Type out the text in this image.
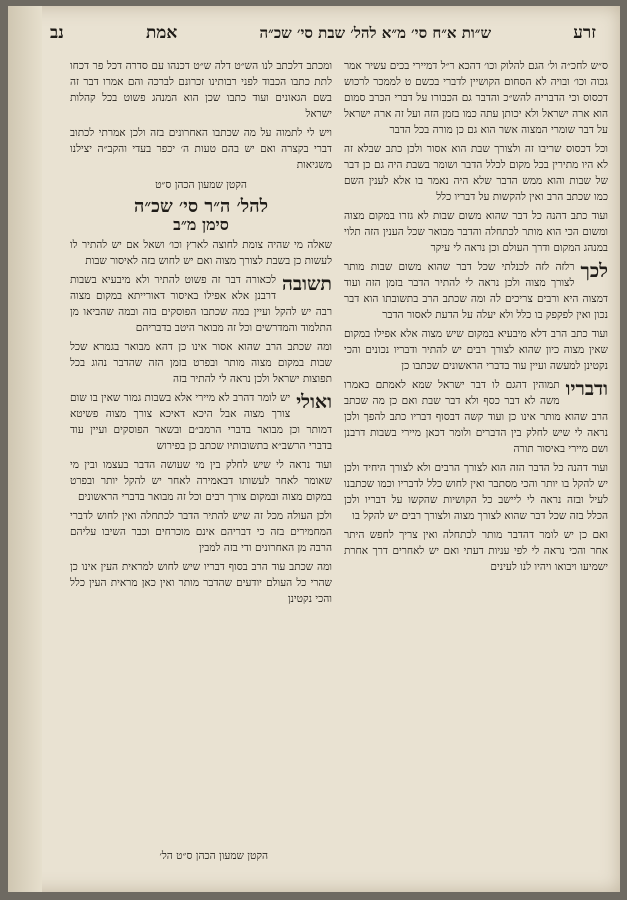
זרע
ש״ות א״ח סי׳ מ״א להל׳ שבת סי׳ שכ״ה
אמת
נב

ס״ש לחכ״ה ול׳ הגם להלוק וכו׳ דהכא ר״ל דמיירי בכים עשיר אמר גכוה וכו׳ ובויה לא הסחום הקושיין לדברי בכשם ט לממכר לרכוש דכסוס וכי הדבריה להש״כ והדבר גם הכבורו על דברי הכרב סמום הוא ארה ישראל ולא יכותן עתה כמו בזמן הזה ועל זה ארה ישראל על דבר שומרי המצוה אשר הוא גם כן מורה בכל הדבר

וכל דכסוס שריבו זה ולצורך שבת הוא אסור ולכן כתב שבלא זה לא היו מתירין בכל מקום לכלל הדבר ושומר בשבת היה גם כן דבר של שבות והוא ממש הדבר שלא היה נאמר בו אלא לענין השם כמו שכתב הרב ואין להקשות על דבריו כלל

ועוד כתב דהנה כל דבר שהוא משום שבות לא גזרו במקום מצוה ומשום הכי הוא מותר לכתחלה והדבר מבואר שכל הענין הזה תלוי במנהג המקום ודרך העולם וכן נראה לי עיקר

לכך
רלזה לזה לכנלתי שכל דבר שהוא משום שבות מותר לצורך מצוה ולכן נראה לי להתיר הדבר בזמן הזה ועוד דמצוה היא ורבים צריכים לה ומה שכתב הרב בתשובתו הוא דבר נכון ואין לפקפק בו כלל ולא יעלה על הדעת לאסור הדבר

ועוד כתב הרב דלא מיבעיא במקום שיש מצוה אלא אפילו במקום שאין מצוה כיון שהוא לצורך רבים יש להתיר ודבריו נכונים והכי נקטינן למעשה ועיין עוד בדברי הראשונים שכתבו כן

ודבריו
תמוהין דהגם לו דבר ישראל שמא לאמתם כאמרו משה לא דבר כסף ולא דבר שבת ואם כן מה שכתב הרב שהוא מותר אינו כן ועוד קשה דבסוף דבריו כתב להפך ולכן נראה לי שיש לחלק בין הדברים ולומר דכאן מיירי בשבות דרבנן ושם מיירי באיסור תורה

ועוד דהנה כל הדבר הזה הוא לצורך הרבים ולא לצורך היחיד ולכן יש להקל בו יותר והכי מסתבר ואין לחוש כלל לדבריו וכמו שכתבנו לעיל ובזה נראה לי ליישב כל הקושיות שהקשו על דבריו ולכן הכלל בזה שכל דבר שהוא לצורך מצוה ולצורך רבים יש להקל בו

ואם כן יש לומר דהדבר מותר לכתחלה ואין צריך לחפש היתר אחר והכי נראה לי לפי עניות דעתי ואם יש לאחרים דרך אחרת ישמיעו ויבואו ויהיו לנו לעינים

ומכתב דלכתב לנו הש״ט דלה ש״ט דכנהו עם סדרה דכל פר דכחו לתת כתבו הכבוד לפני רבותינו זכרונם לברכה והם אמרו דבר זה בשם הגאונים ועוד כתבו שכן הוא המנהג פשוט בכל קהלות ישראל

ויש לי לתמוה על מה שכתבו האחרונים בזה ולכן אמרתי לכתוב דברי בקצרה ואם יש בהם טעות ה׳ יכפר בעדי והקב״ה יצילנו משגיאות

הקטן שמעון הכהן ס״ט

להל׳ ה״ר סי׳ שכ״ה
סימן מ״ב

שאלה מי שהיה צומת לחוצה לארץ וכו׳ ושאל אם יש להתיר לו לעשות כן בשבת לצורך מצוה ואם יש לחוש בזה לאיסור שבות

תשובה
לכאורה דבר זה פשוט להתיר ולא מיבעיא בשבות דרבנן אלא אפילו באיסור דאורייתא במקום מצוה רבה יש להקל ועיין במה שכתבו הפוסקים בזה ובמה שהביאו מן התלמוד והמדרשים וכל זה מבואר היטב בדבריהם

ומה שכתב הרב שהוא אסור אינו כן דהא מבואר בגמרא שכל שבות במקום מצוה מותר ובפרט בזמן הזה שהדבר נהוג בכל תפוצות ישראל ולכן נראה לי להתיר בזה

ואולי
יש לומר דהרב לא מיירי אלא בשבות גמור שאין בו שום צורך מצוה אבל היכא דאיכא צורך מצוה פשיטא דמותר וכן מבואר בדברי הרמב״ם ובשאר הפוסקים ועיין עוד בדברי הרשב״א בתשובותיו שכתב כן בפירוש

ועוד נראה לי שיש לחלק בין מי שעושה הדבר בעצמו ובין מי שאומר לאחר לעשותו דבאמירה לאחר יש להקל יותר ובפרט במקום מצוה ובמקום צורך רבים וכל זה מבואר בדברי הראשונים

ולכן העולה מכל זה שיש להתיר הדבר לכתחלה ואין לחוש לדברי המחמירים בזה כי דבריהם אינם מוכרחים וכבר השיבו עליהם הרבה מן האחרונים ודי בזה למבין

ומה שכתב עוד הרב בסוף דבריו שיש לחוש למראית העין אינו כן שהרי כל העולם יודעים שהדבר מותר ואין כאן מראית העין כלל והכי נקטינן

הקטן שמעון הכהן ס״ט הל׳
